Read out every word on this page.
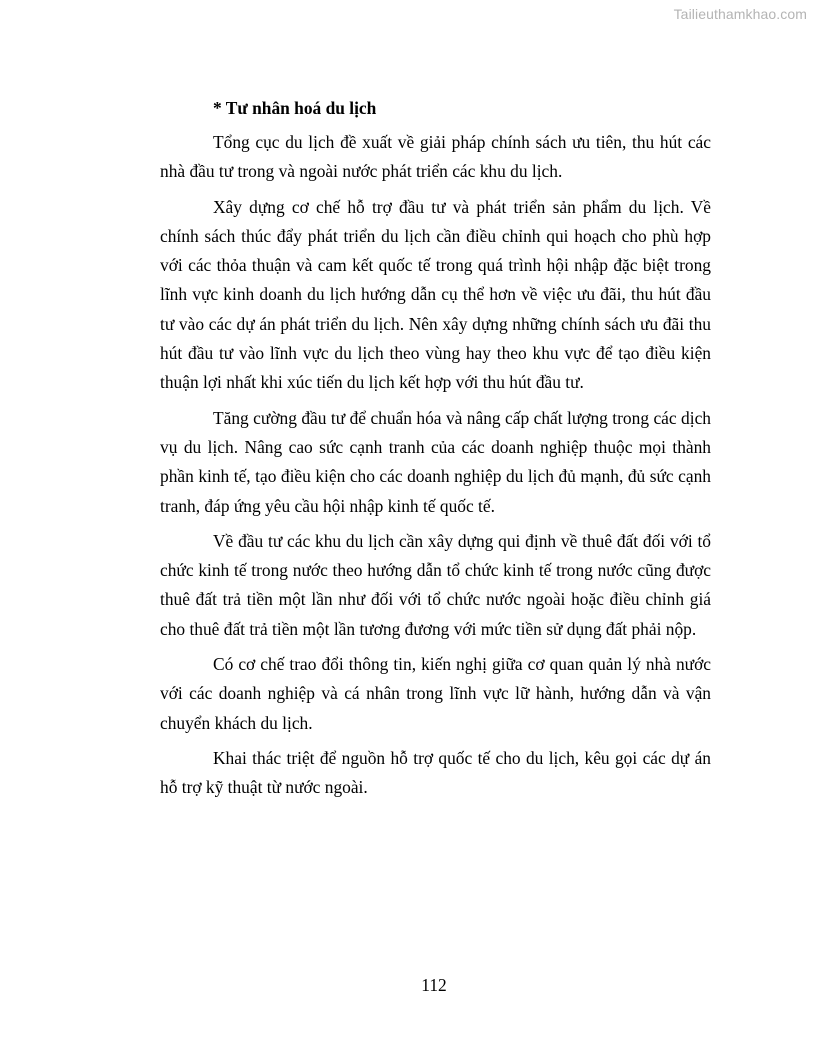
Tailieuthamkhao.com

* Tư nhân hoá du lịch

Tổng cục du lịch đề xuất về giải pháp chính sách ưu tiên, thu hút các nhà đầu tư trong và ngoài nước phát triển các khu du lịch.

Xây dựng cơ chế hỗ trợ đầu tư và phát triển sản phẩm du lịch. Về chính sách thúc đẩy phát triển du lịch cần điều chỉnh qui hoạch cho phù hợp với các thỏa thuận và cam kết quốc tế trong quá trình hội nhập đặc biệt trong lĩnh vực kinh doanh du lịch hướng dẫn cụ thể hơn về việc ưu đãi, thu hút đầu tư vào các dự án phát triển du lịch. Nên xây dựng những chính sách ưu đãi thu hút đầu tư vào lĩnh vực du lịch theo vùng hay theo khu vực để tạo điều kiện thuận lợi nhất khi xúc tiến du lịch kết hợp với thu hút đầu tư.

Tăng cường đầu tư để chuẩn hóa và nâng cấp chất lượng trong các dịch vụ du lịch. Nâng cao sức cạnh tranh của các doanh nghiệp thuộc mọi thành phần kinh tế, tạo điều kiện cho các doanh nghiệp du lịch đủ mạnh, đủ sức cạnh tranh, đáp ứng yêu cầu hội nhập kinh tế quốc tế.

Về đầu tư các khu du lịch cần xây dựng qui định về thuê đất đối với tổ chức kinh tế trong nước theo hướng dẫn tổ chức kinh tế trong nước cũng được thuê đất trả tiền một lần như đối với tổ chức nước ngoài hoặc điều chỉnh giá cho thuê đất trả tiền một lần tương đương với mức tiền sử dụng đất phải nộp.

Có cơ chế trao đổi thông tin, kiến nghị giữa cơ quan quản lý nhà nước với các doanh nghiệp và cá nhân trong lĩnh vực lữ hành, hướng dẫn và vận chuyển khách du lịch.

Khai thác triệt để nguồn hỗ trợ quốc tế cho du lịch, kêu gọi các dự án hỗ trợ kỹ thuật từ nước ngoài.

112
